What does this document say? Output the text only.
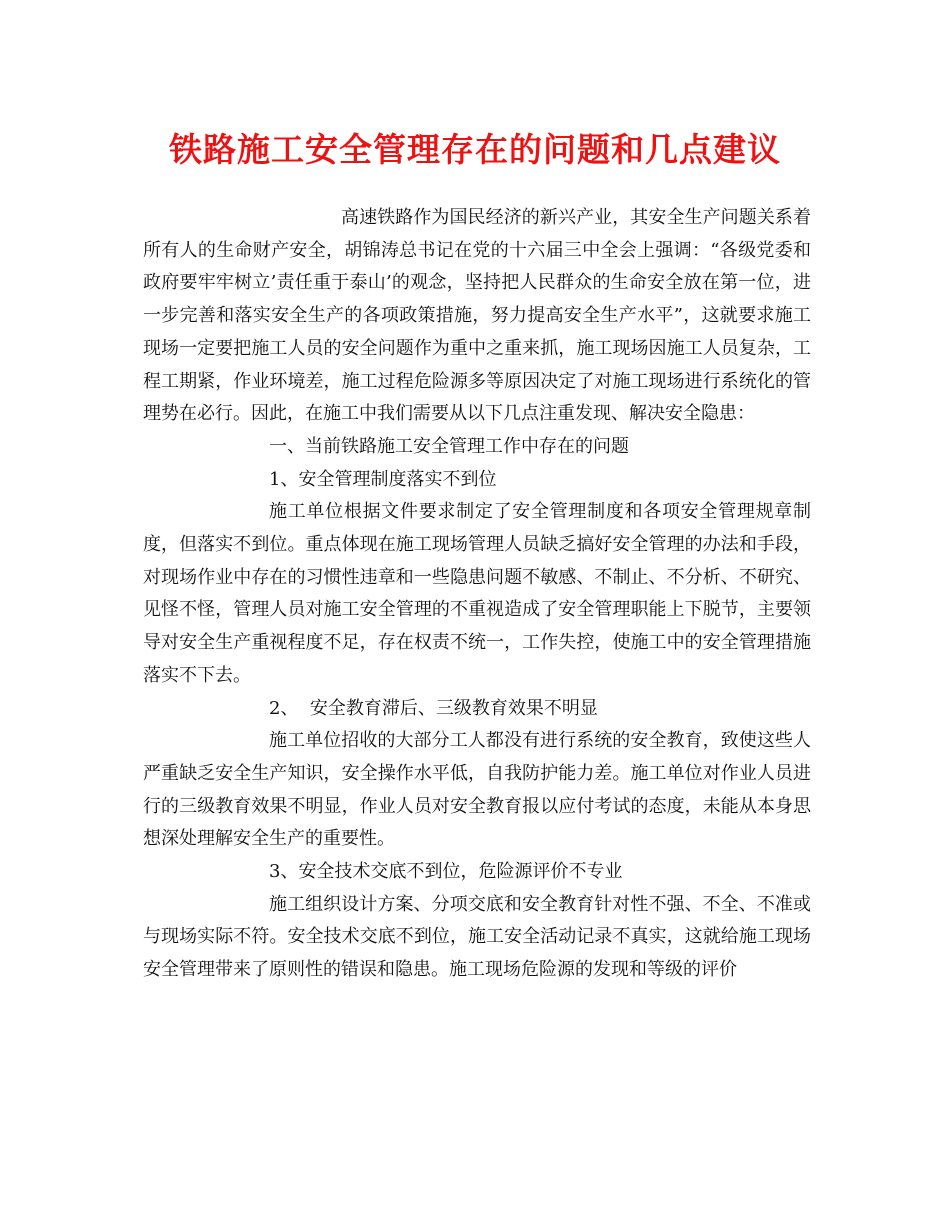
铁路施工安全管理存在的问题和几点建议

高速铁路作为国民经济的新兴产业，其安全生产问题关系着所有人的生命财产安全，胡锦涛总书记在党的十六届三中全会上强调：“各级党委和政府要牢牢树立’责任重于泰山’的观念，坚持把人民群众的生命安全放在第一位，进一步完善和落实安全生产的各项政策措施，努力提高安全生产水平”，这就要求施工现场一定要把施工人员的安全问题作为重中之重来抓，施工现场因施工人员复杂，工程工期紧，作业环境差，施工过程危险源多等原因决定了对施工现场进行系统化的管理势在必行。因此，在施工中我们需要从以下几点注重发现、解决安全隐患：

一、当前铁路施工安全管理工作中存在的问题

1、安全管理制度落实不到位

施工单位根据文件要求制定了安全管理制度和各项安全管理规章制度，但落实不到位。重点体现在施工现场管理人员缺乏搞好安全管理的办法和手段，对现场作业中存在的习惯性违章和一些隐患问题不敏感、不制止、不分析、不研究、见怪不怪，管理人员对施工安全管理的不重视造成了安全管理职能上下脱节，主要领导对安全生产重视程度不足，存在权责不统一，工作失控，使施工中的安全管理措施落实不下去。

2、  安全教育滞后、三级教育效果不明显

施工单位招收的大部分工人都没有进行系统的安全教育，致使这些人严重缺乏安全生产知识，安全操作水平低，自我防护能力差。施工单位对作业人员进行的三级教育效果不明显，作业人员对安全教育报以应付考试的态度，未能从本身思想深处理解安全生产的重要性。

3、安全技术交底不到位，危险源评价不专业

施工组织设计方案、分项交底和安全教育针对性不强、不全、不准或与现场实际不符。安全技术交底不到位，施工安全活动记录不真实，这就给施工现场安全管理带来了原则性的错误和隐患。施工现场危险源的发现和等级的评价
